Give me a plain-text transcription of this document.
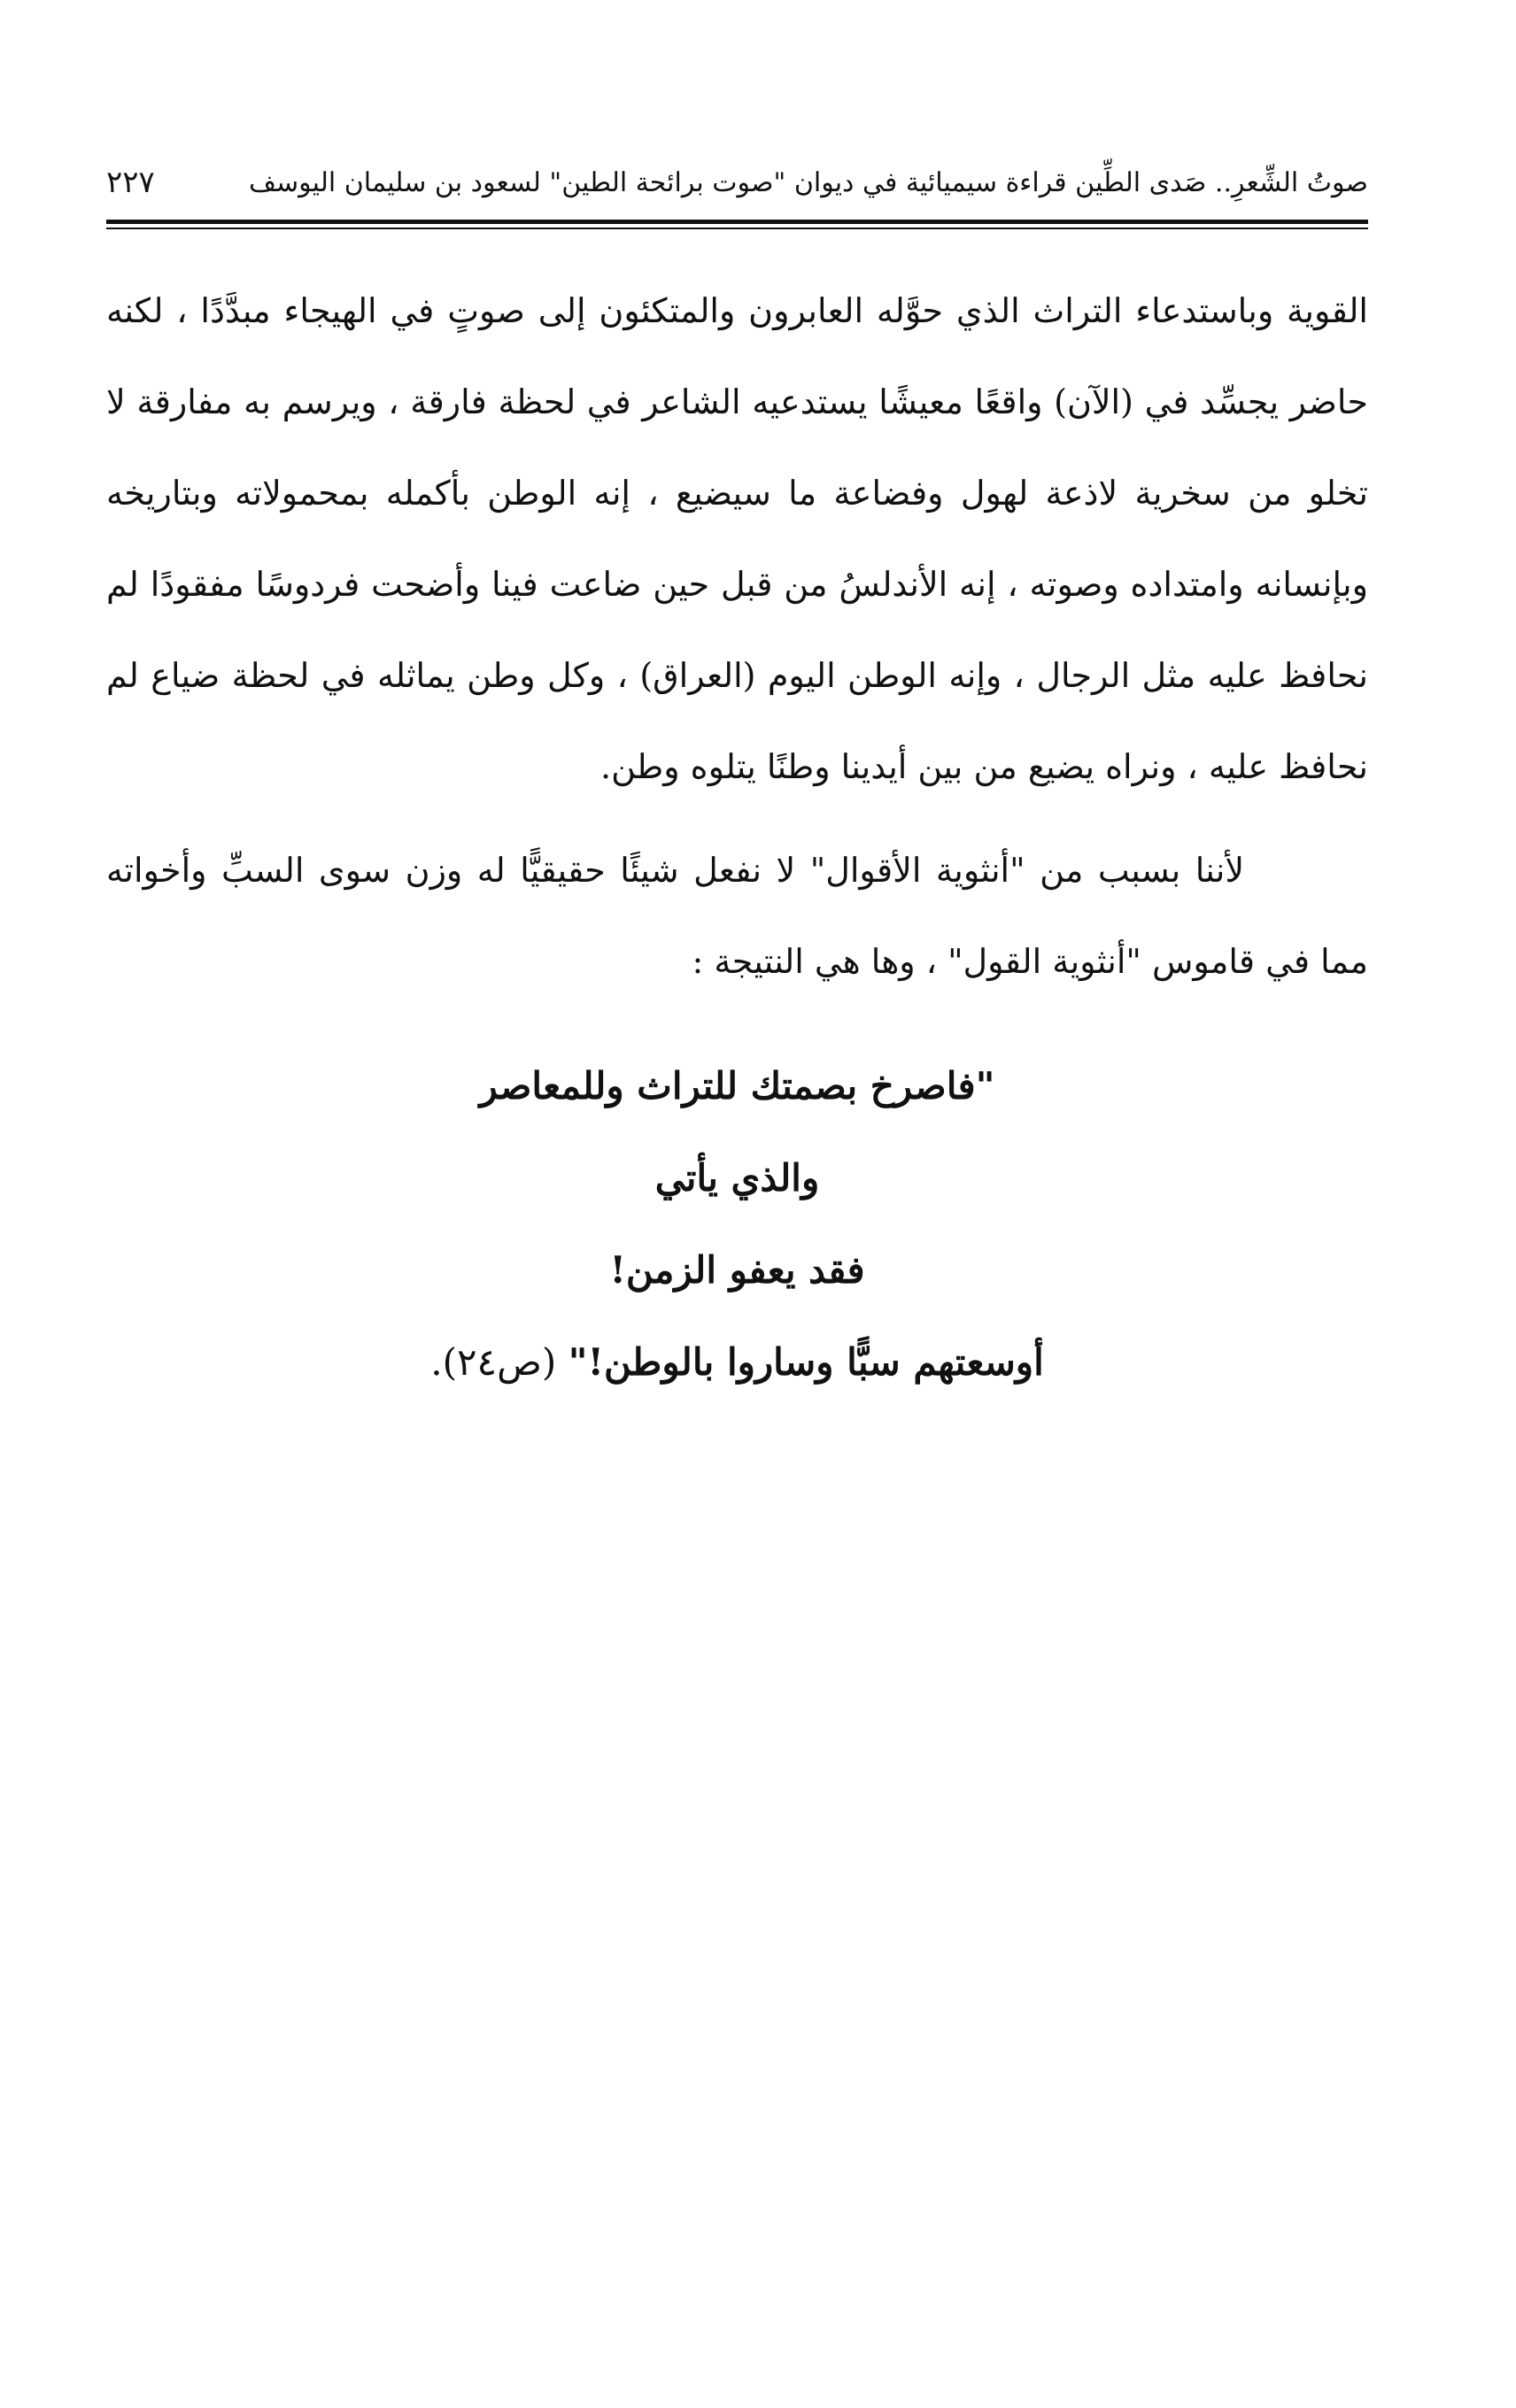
صوتُ الشِّعرِ.. صَدى الطِّين قراءة سيميائية في ديوان "صوت برائحة الطين" لسعود بن سليمان اليوسف
٢٢٧

القوية وباستدعاء التراث الذي حوَّله العابرون والمتكئون إلى صوتٍ في الهيجاء مبدَّدًا ، لكنه حاضر يجسِّد في (الآن) واقعًا معيشًا يستدعيه الشاعر في لحظة فارقة ، ويرسم به مفارقة لا تخلو من سخرية لاذعة لهول وفضاعة ما سيضيع ، إنه الوطن بأكمله بمحمولاته وبتاريخه وبإنسانه وامتداده وصوته ، إنه الأندلسُ من قبل حين ضاعت فينا وأضحت فردوسًا مفقودًا لم نحافظ عليه مثل الرجال ، وإنه الوطن اليوم (العراق) ، وكل وطن يماثله في لحظة ضياع لم نحافظ عليه ، ونراه يضيع من بين أيدينا وطنًا يتلوه وطن.

لأننا بسبب من "أنثوية الأقوال" لا نفعل شيئًا حقيقيًّا له وزن سوى السبِّ وأخواته مما في قاموس "أنثوية القول" ، وها هي النتيجة :

"فاصرخ بصمتك للتراث وللمعاصر
والذي يأتي
فقد يعفو الزمن!
أوسعتهم سبًّا وساروا بالوطن!" (ص٢٤).
